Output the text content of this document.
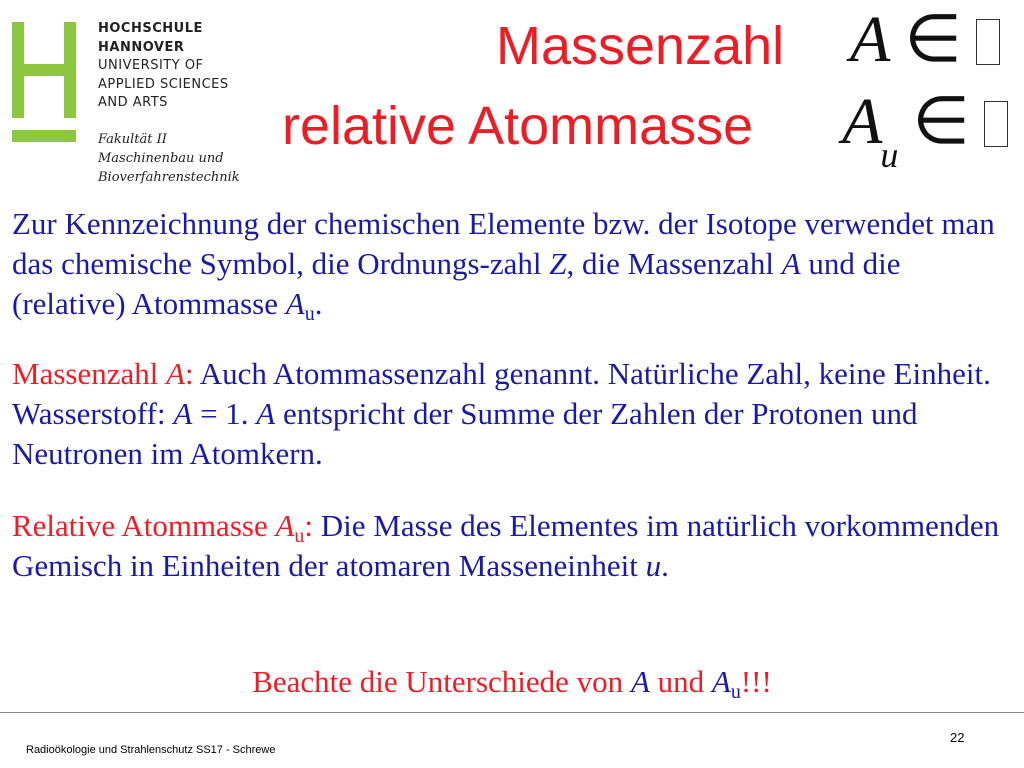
HOCHSCHULE
HANNOVER
UNIVERSITY OF
APPLIED SCIENCES
AND ARTS
Fakultät II
Maschinenbau und
Bioverfahrenstechnik
Massenzahl
relative Atommasse
A ∈
$A_u$ ∈
Zur Kennzeichnung der chemischen Elemente bzw. der Isotope verwendet man das chemische Symbol, die Ordnungs-zahl Z, die Massenzahl A und die (relative) Atommasse $A_u$.
Massenzahl A: Auch Atommassenzahl genannt. Natürliche Zahl, keine Einheit. Wasserstoff: A = 1. A entspricht der Summe der Zahlen der Protonen und Neutronen im Atomkern.
Relative Atommasse $A_u$: Die Masse des Elementes im natürlich vorkommenden Gemisch in Einheiten der atomaren Masseneinheit u.
Beachte die Unterschiede von A und $A_u$!!!
Radioökologie und Strahlenschutz SS17 - Schrewe
22
